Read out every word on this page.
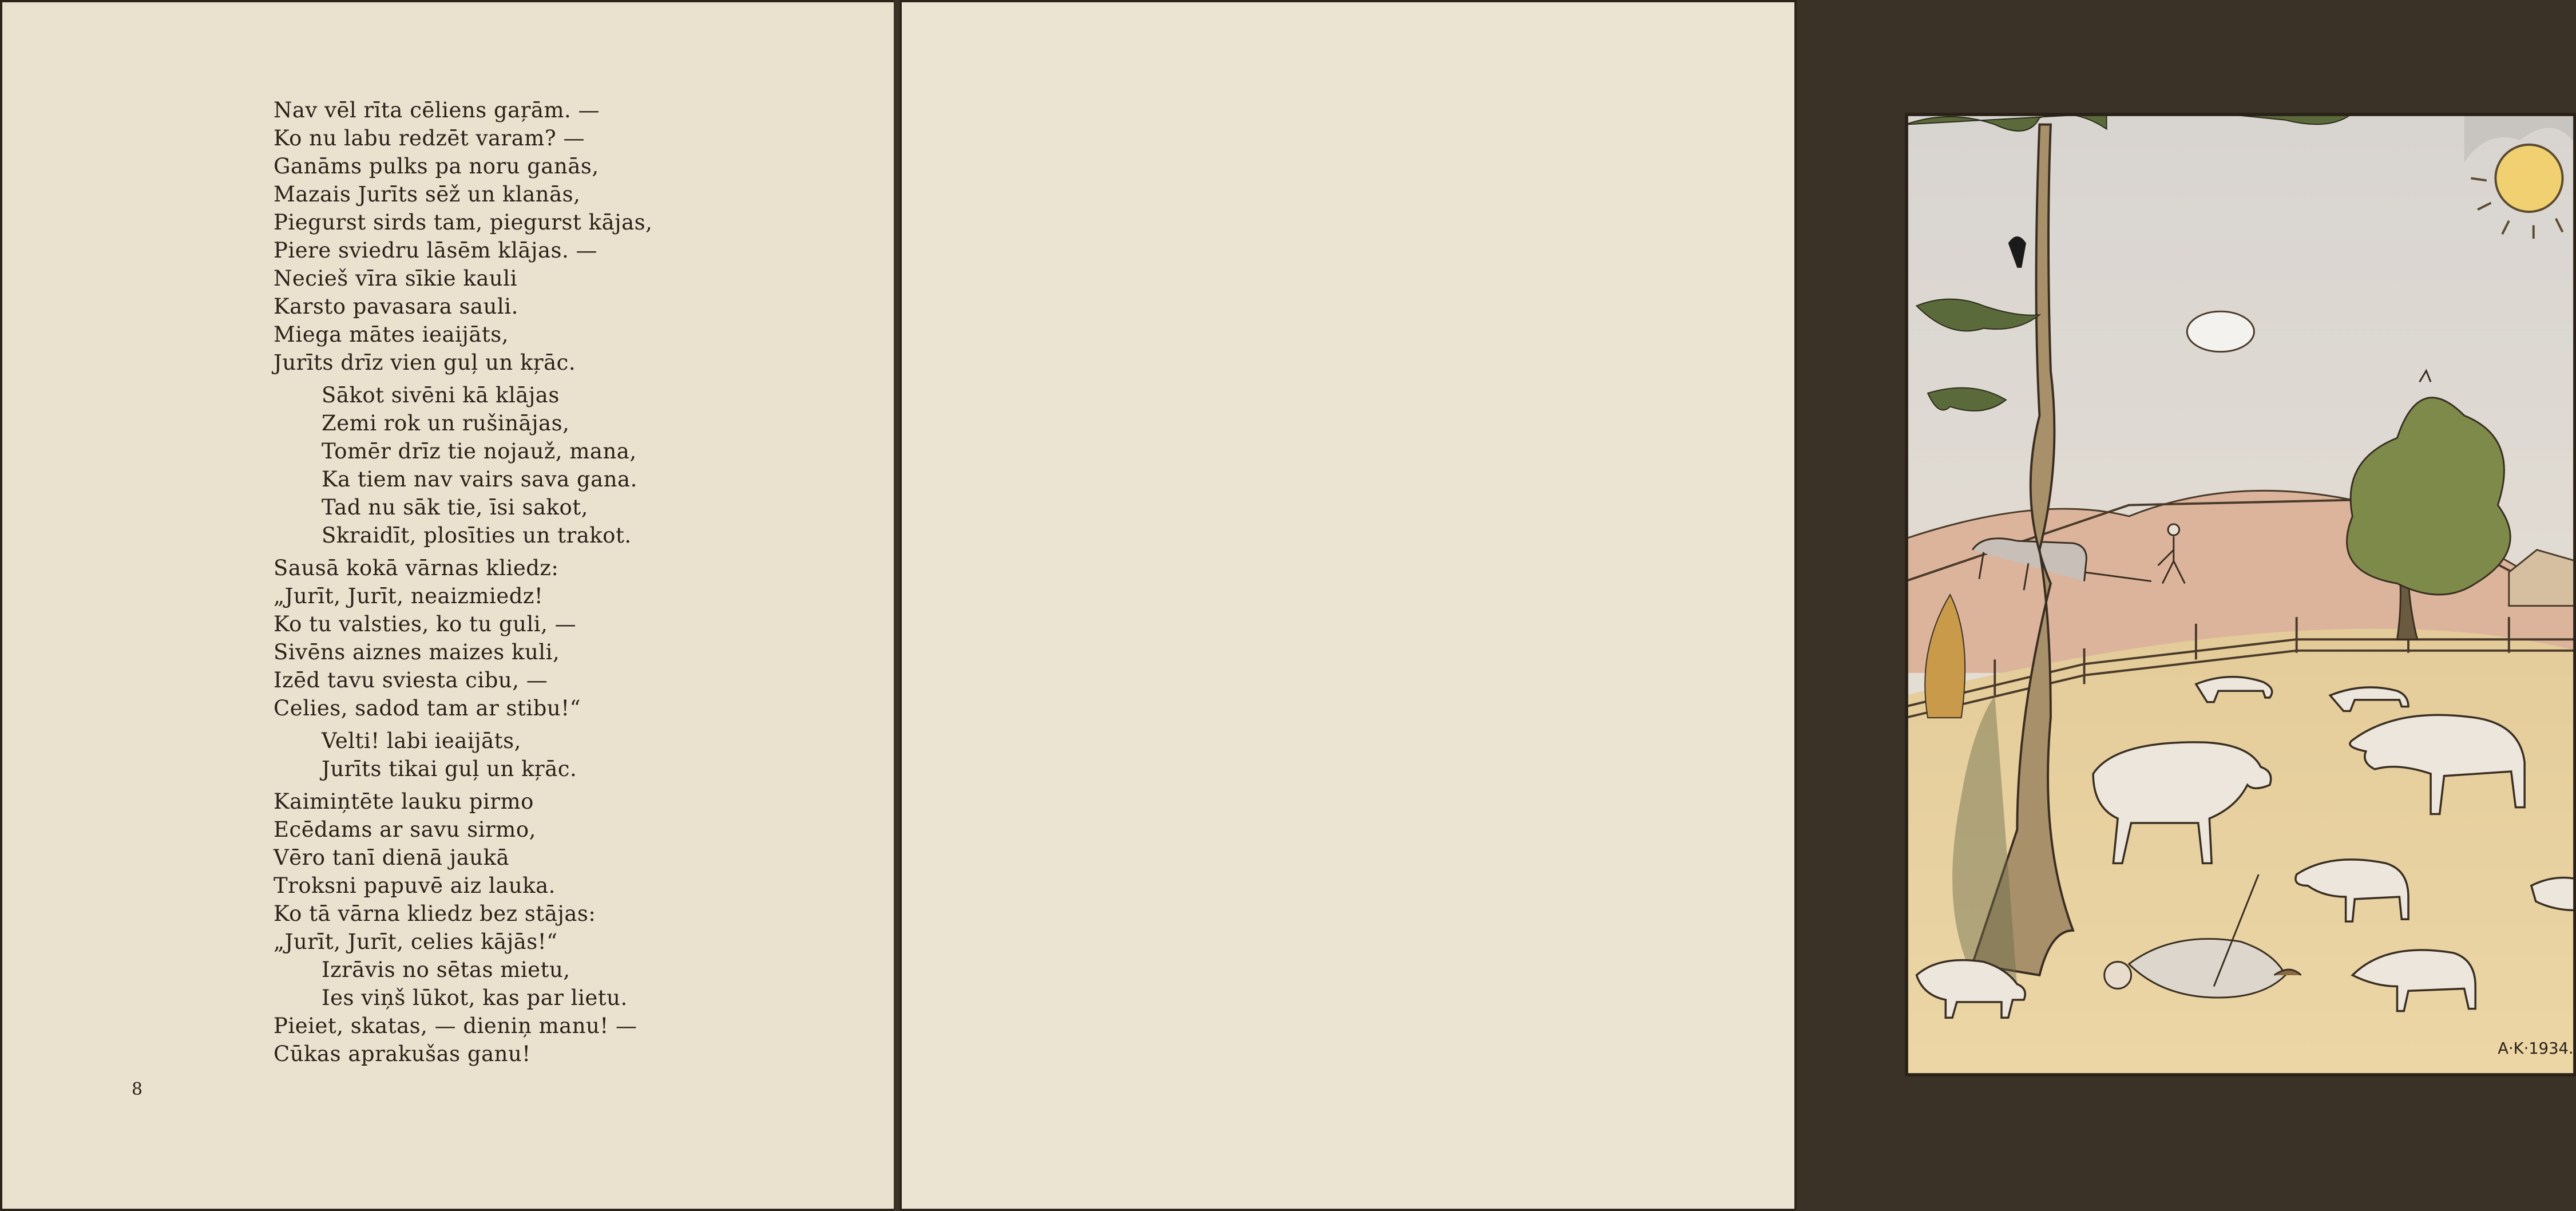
Nav vēl rīta cēliens gaŗām. —
Ko nu labu redzēt varam? —
Ganāms pulks pa noru ganās,
Mazais Jurīts sēž un klanās,
Piegurst sirds tam, piegurst kājas,
Piere sviedru lāsēm klājas. —
Necieš vīra sīkie kauli
Karsto pavasara sauli.
Miega mātes ieaijāts,
Jurīts drīz vien guļ un kŗāc.
Sākot sivēni kā klājas
Zemi rok un rušinājas,
Tomēr drīz tie nojauž, mana,
Ka tiem nav vairs sava gana.
Tad nu sāk tie, īsi sakot,
Skraidīt, plosīties un trakot.
Sausā kokā vārnas kliedz:
„Jurīt, Jurīt, neaizmiedz!
Ko tu valsties, ko tu guli, —
Sivēns aiznes maizes kuli,
Izēd tavu sviesta cibu, —
Celies, sadod tam ar stibu!“
Velti! labi ieaijāts,
Jurīts tikai guļ un kŗāc.
Kaimiņtēte lauku pirmo
Ecēdams ar savu sirmo,
Vēro tanī dienā jaukā
Troksni papuvē aiz lauka.
Ko tā vārna kliedz bez stājas:
„Jurīt, Jurīt, celies kājās!“
Izrāvis no sētas mietu,
Ies viņš lūkot, kas par lietu.
Pieiet, skatas, — dieniņ manu! —
Cūkas aprakušas ganu!
8
A·K·1934.
